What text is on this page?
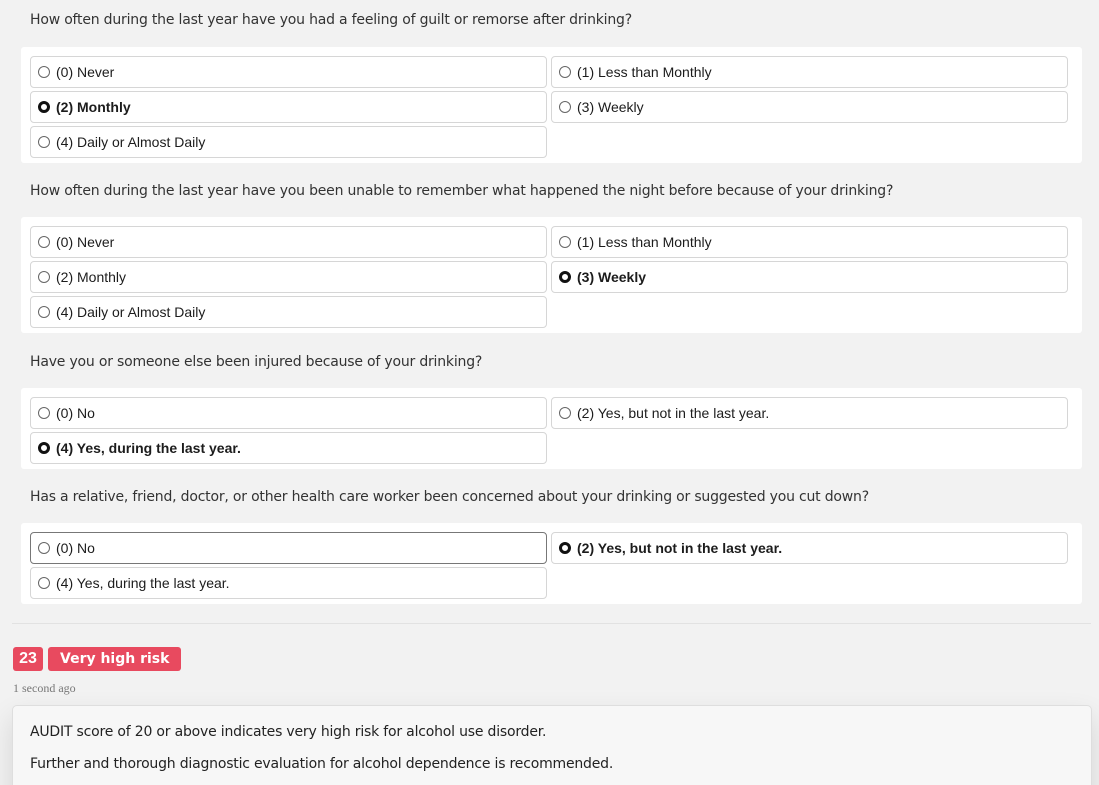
How often during the last year have you had a feeling of guilt or remorse after drinking?
(0) Never	(1) Less than Monthly
(2) Monthly	(3) Weekly
(4) Daily or Almost Daily
How often during the last year have you been unable to remember what happened the night before because of your drinking?
(0) Never	(1) Less than Monthly
(2) Monthly	(3) Weekly
(4) Daily or Almost Daily
Have you or someone else been injured because of your drinking?
(0) No	(2) Yes, but not in the last year.
(4) Yes, during the last year.
Has a relative, friend, doctor, or other health care worker been concerned about your drinking or suggested you cut down?
(0) No	(2) Yes, but not in the last year.
(4) Yes, during the last year.
23	Very high risk
1 second ago

AUDIT score of 20 or above indicates very high risk for alcohol use disorder.

Further and thorough diagnostic evaluation for alcohol dependence is recommended.
